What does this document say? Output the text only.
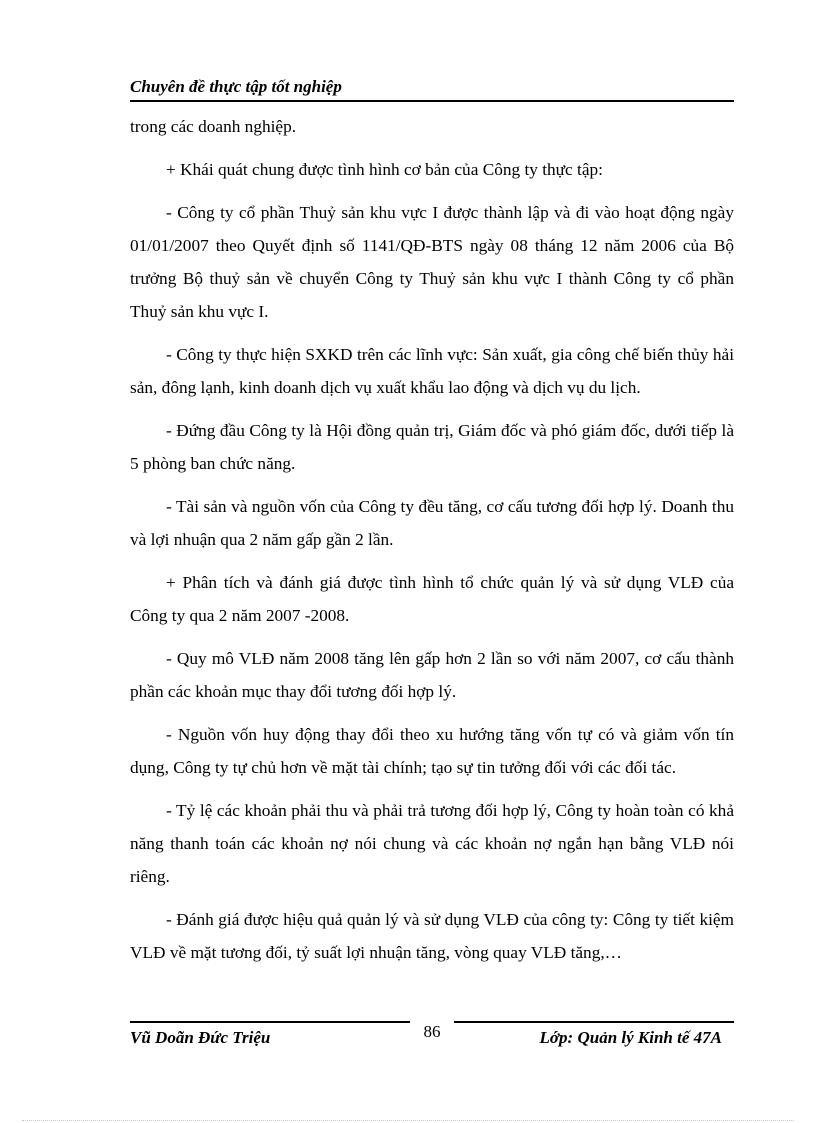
Chuyên đề thực tập tốt nghiệp

trong các doanh nghiệp.

+ Khái quát chung được tình hình cơ bản của Công ty thực tập:

- Công ty cổ phần Thuỷ sản khu vực I được thành lập và đi vào hoạt động ngày 01/01/2007 theo Quyết định số 1141/QĐ-BTS ngày 08 tháng 12 năm 2006 của Bộ trưởng Bộ thuỷ sản về chuyển Công ty Thuỷ sản khu vực I thành Công ty cổ phần Thuỷ sản khu vực I.

- Công ty thực hiện SXKD trên các lĩnh vực: Sản xuất, gia công chế biến thủy hải sản, đông lạnh, kinh doanh dịch vụ xuất khẩu lao động và dịch vụ du lịch.

- Đứng đầu Công ty là Hội đồng quản trị, Giám đốc và phó giám đốc, dưới tiếp là 5 phòng ban chức năng.

- Tài sản và nguồn vốn của Công ty đều tăng, cơ cấu tương đối hợp lý. Doanh thu và lợi nhuận qua 2 năm gấp gần 2 lần.

+ Phân tích và đánh giá được tình hình tổ chức quản lý và sử dụng VLĐ của Công ty qua 2 năm 2007 -2008.

- Quy mô VLĐ năm 2008 tăng lên gấp hơn 2 lần so với năm 2007, cơ cấu thành phần các khoản mục thay đổi tương đối hợp lý.

- Nguồn vốn huy động thay đổi theo xu hướng tăng vốn tự có và giảm vốn tín dụng, Công ty tự chủ hơn về mặt tài chính; tạo sự tin tưởng đối với các đối tác.

- Tỷ lệ các khoản phải thu và phải trả tương đối hợp lý, Công ty hoàn toàn có khả năng thanh toán các khoản nợ nói chung và các khoản nợ ngắn hạn bằng VLĐ nói riêng.

- Đánh giá được hiệu quả quản lý và sử dụng VLĐ của công ty: Công ty tiết kiệm VLĐ về mặt tương đối, tỷ suất lợi nhuận tăng, vòng quay VLĐ tăng,…

Vũ Doãn Đức Triệu	86	Lớp: Quản lý Kinh tế 47A
